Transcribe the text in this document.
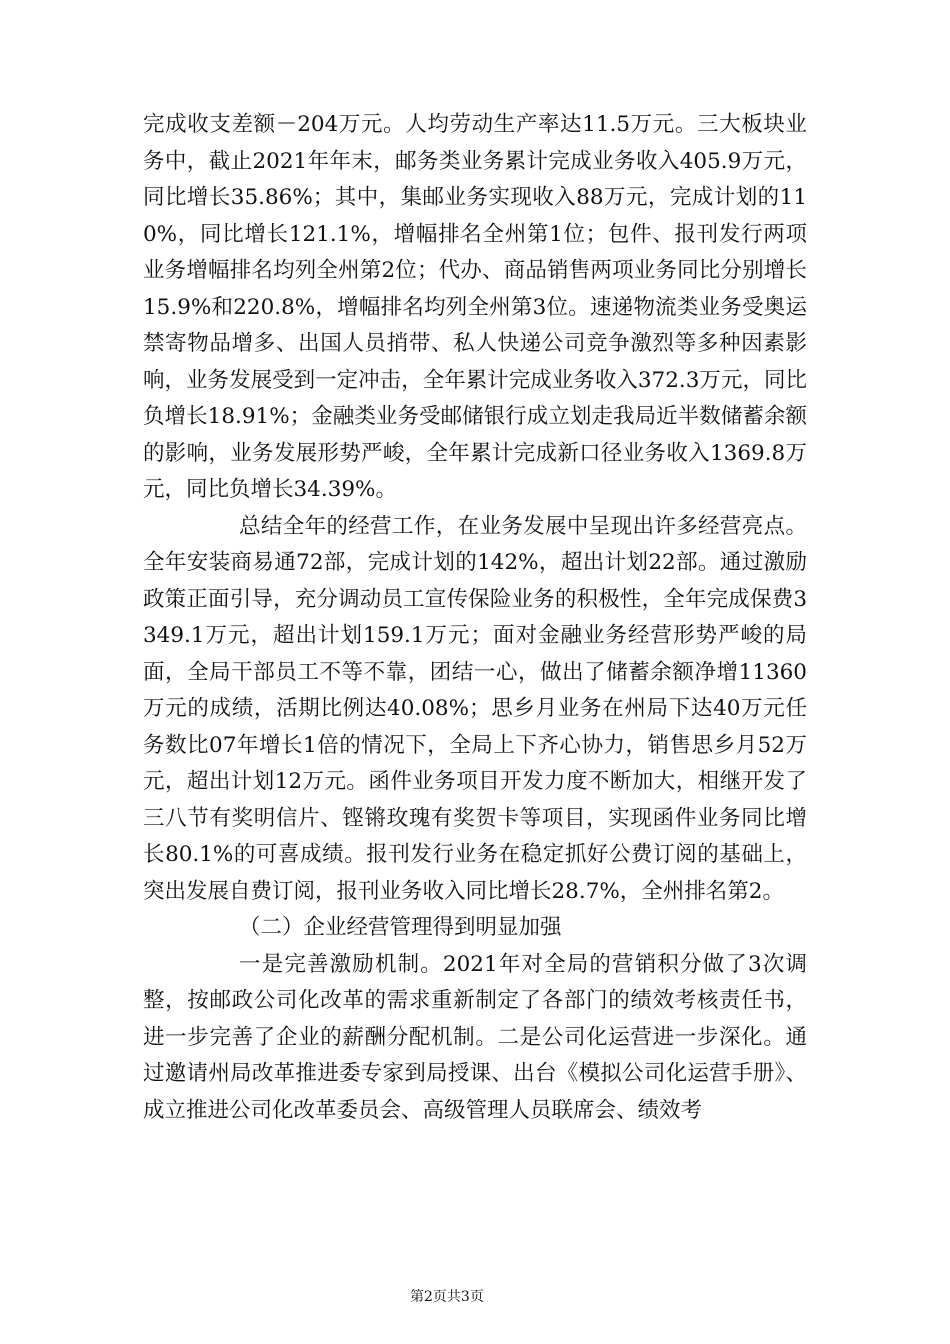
完成收支差额－204万元。人均劳动生产率达11.5万元。三大板块业务中，截止2021年年末，邮务类业务累计完成业务收入405.9万元，同比增长35.86%；其中，集邮业务实现收入88万元，完成计划的110%，同比增长121.1%，增幅排名全州第1位；包件、报刊发行两项业务增幅排名均列全州第2位；代办、商品销售两项业务同比分别增长15.9%和220.8%，增幅排名均列全州第3位。速递物流类业务受奥运禁寄物品增多、出国人员捎带、私人快递公司竞争激烈等多种因素影响，业务发展受到一定冲击，全年累计完成业务收入372.3万元，同比负增长18.91%；金融类业务受邮储银行成立划走我局近半数储蓄余额的影响，业务发展形势严峻，全年累计完成新口径业务收入1369.8万元，同比负增长34.39%。

总结全年的经营工作，在业务发展中呈现出许多经营亮点。全年安装商易通72部，完成计划的142%，超出计划22部。通过激励政策正面引导，充分调动员工宣传保险业务的积极性，全年完成保费3349.1万元，超出计划159.1万元；面对金融业务经营形势严峻的局面，全局干部员工不等不靠，团结一心，做出了储蓄余额净增11360万元的成绩，活期比例达40.08%；思乡月业务在州局下达40万元任务数比07年增长1倍的情况下，全局上下齐心协力，销售思乡月52万元，超出计划12万元。函件业务项目开发力度不断加大，相继开发了三八节有奖明信片、铿锵玫瑰有奖贺卡等项目，实现函件业务同比增长80.1%的可喜成绩。报刊发行业务在稳定抓好公费订阅的基础上，突出发展自费订阅，报刊业务收入同比增长28.7%，全州排名第2。

（二）企业经营管理得到明显加强

一是完善激励机制。2021年对全局的营销积分做了3次调整，按邮政公司化改革的需求重新制定了各部门的绩效考核责任书，进一步完善了企业的薪酬分配机制。二是公司化运营进一步深化。通过邀请州局改革推进委专家到局授课、出台《模拟公司化运营手册》、成立推进公司化改革委员会、高级管理人员联席会、绩效考

第2页共3页
